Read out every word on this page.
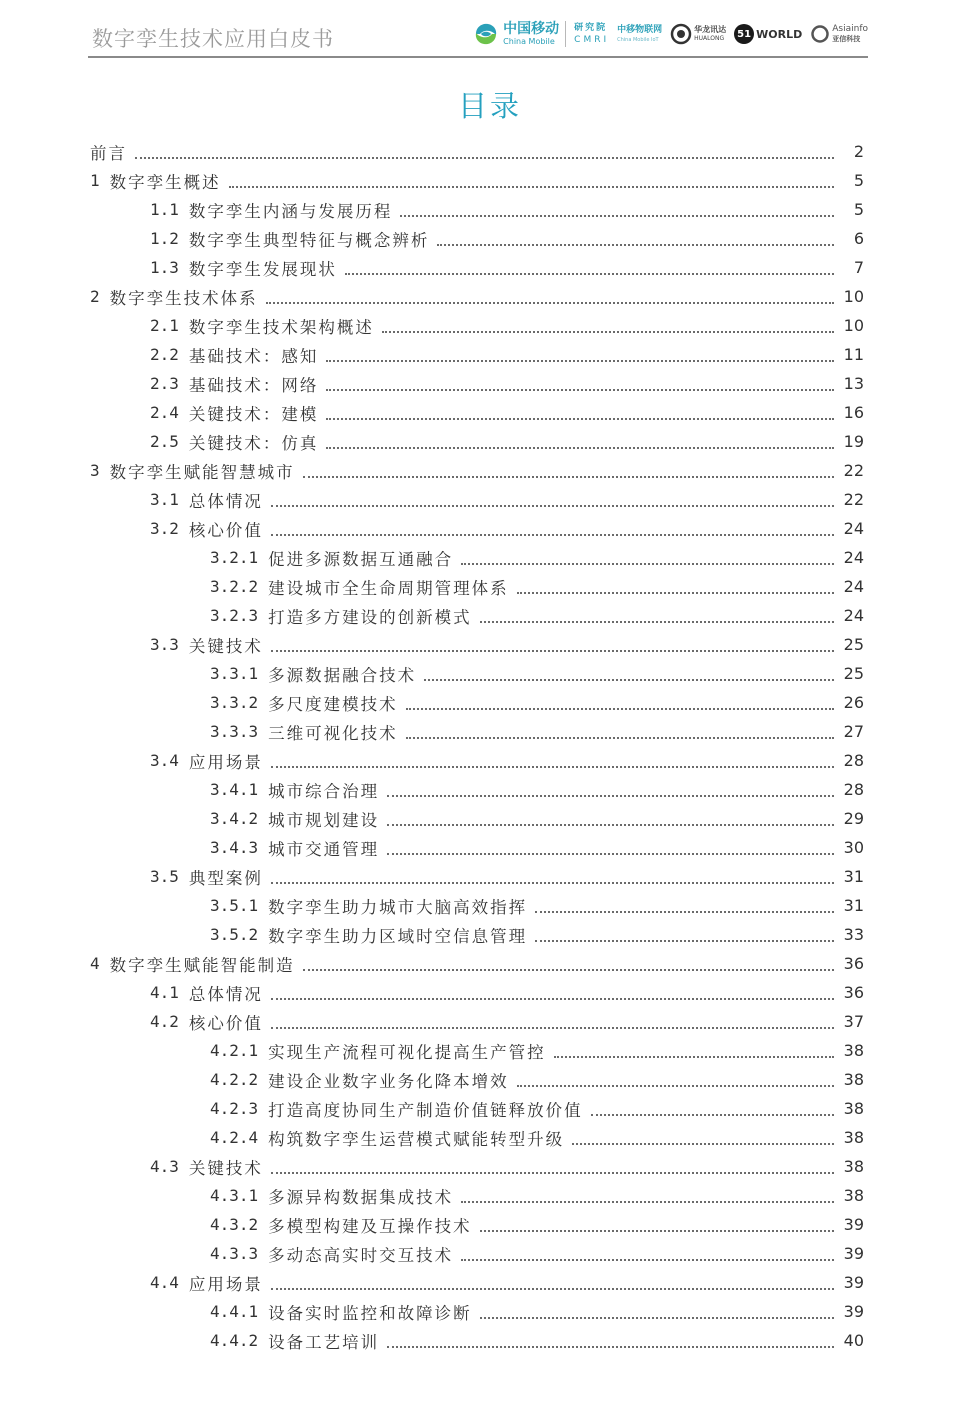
数字孪生技术应用白皮书	中国移动
China Mobile
研究院
CMRI
中移物联网
China Mobile IoT
华龙讯达
HUALONG	51 WORLD	Asiainfo
亚信科技
目录
前言	2
1 数字孪生概述	5
1.1 数字孪生内涵与发展历程	5
1.2 数字孪生典型特征与概念辨析	6
1.3 数字孪生发展现状	7
2 数字孪生技术体系	10
2.1 数字孪生技术架构概述	10
2.2 基础技术：感知	11
2.3 基础技术：网络	13
2.4 关键技术：建模	16
2.5 关键技术：仿真	19
3 数字孪生赋能智慧城市	22
3.1 总体情况	22
3.2 核心价值	24
3.2.1 促进多源数据互通融合	24
3.2.2 建设城市全生命周期管理体系	24
3.2.3 打造多方建设的创新模式	24
3.3 关键技术	25
3.3.1 多源数据融合技术	25
3.3.2 多尺度建模技术	26
3.3.3 三维可视化技术	27
3.4 应用场景	28
3.4.1 城市综合治理	28
3.4.2 城市规划建设	29
3.4.3 城市交通管理	30
3.5 典型案例	31
3.5.1 数字孪生助力城市大脑高效指挥	31
3.5.2 数字孪生助力区域时空信息管理	33
4 数字孪生赋能智能制造	36
4.1 总体情况	36
4.2 核心价值	37
4.2.1 实现生产流程可视化提高生产管控	38
4.2.2 建设企业数字业务化降本增效	38
4.2.3 打造高度协同生产制造价值链释放价值	38
4.2.4 构筑数字孪生运营模式赋能转型升级	38
4.3 关键技术	38
4.3.1 多源异构数据集成技术	38
4.3.2 多模型构建及互操作技术	39
4.3.3 多动态高实时交互技术	39
4.4 应用场景	39
4.4.1 设备实时监控和故障诊断	39
4.4.2 设备工艺培训	40
